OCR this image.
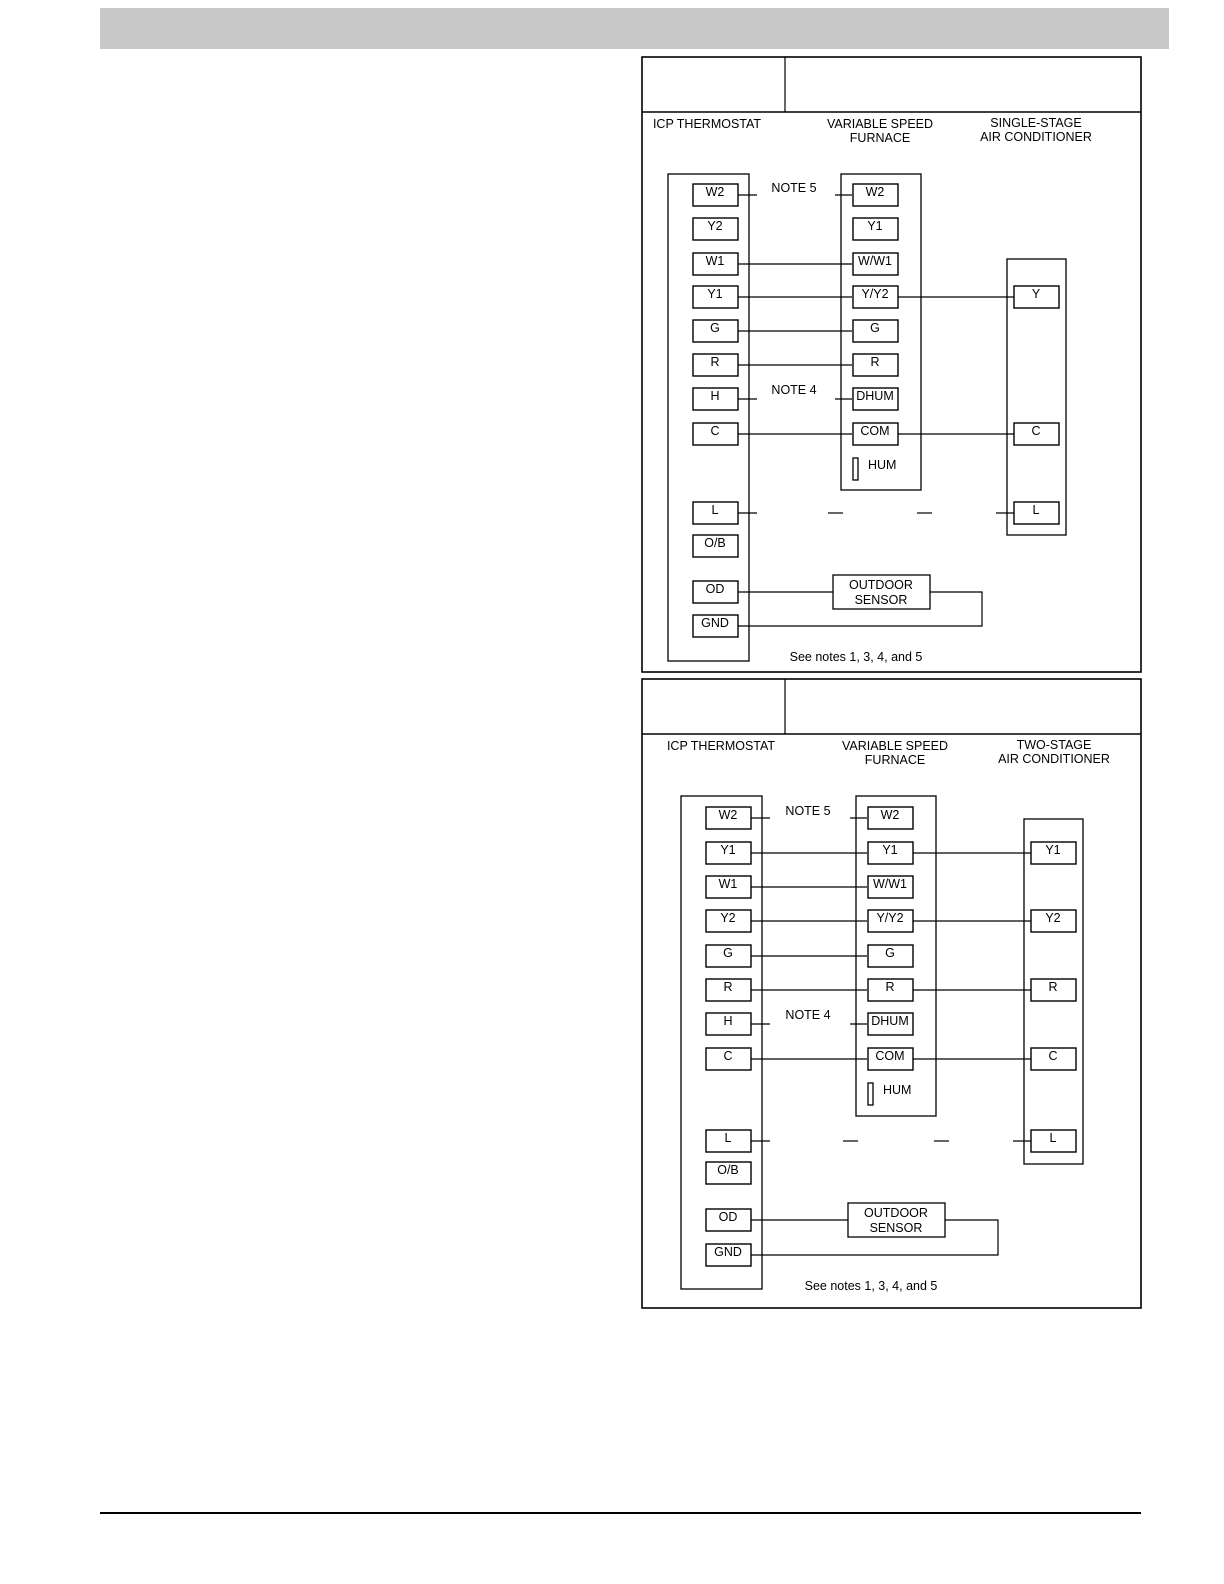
ICP THERMOSTAT	VARIABLE SPEED
FURNACE
SINGLE-STAGE
AIR CONDITIONER
W2
Y2
W1
Y1
G
R
H
C
L
O/B
OD
GND
W2
Y1
W/W1
Y/Y2
G
R
DHUM
COM
HUM
Y
C
L
NOTE 5
NOTE 4
OUTDOOR
SENSOR
See notes 1, 3, 4, and 5
ICP THERMOSTAT	VARIABLE SPEED
FURNACE
TWO-STAGE
AIR CONDITIONER
W2
Y1
W1
Y2
G
R
H
C
L
O/B
OD
GND
W2
Y1
W/W1
Y/Y2
G
R
DHUM
COM
HUM
Y1
Y2
R
C
L
NOTE 5
NOTE 4
OUTDOOR
SENSOR
See notes 1, 3, 4, and 5
